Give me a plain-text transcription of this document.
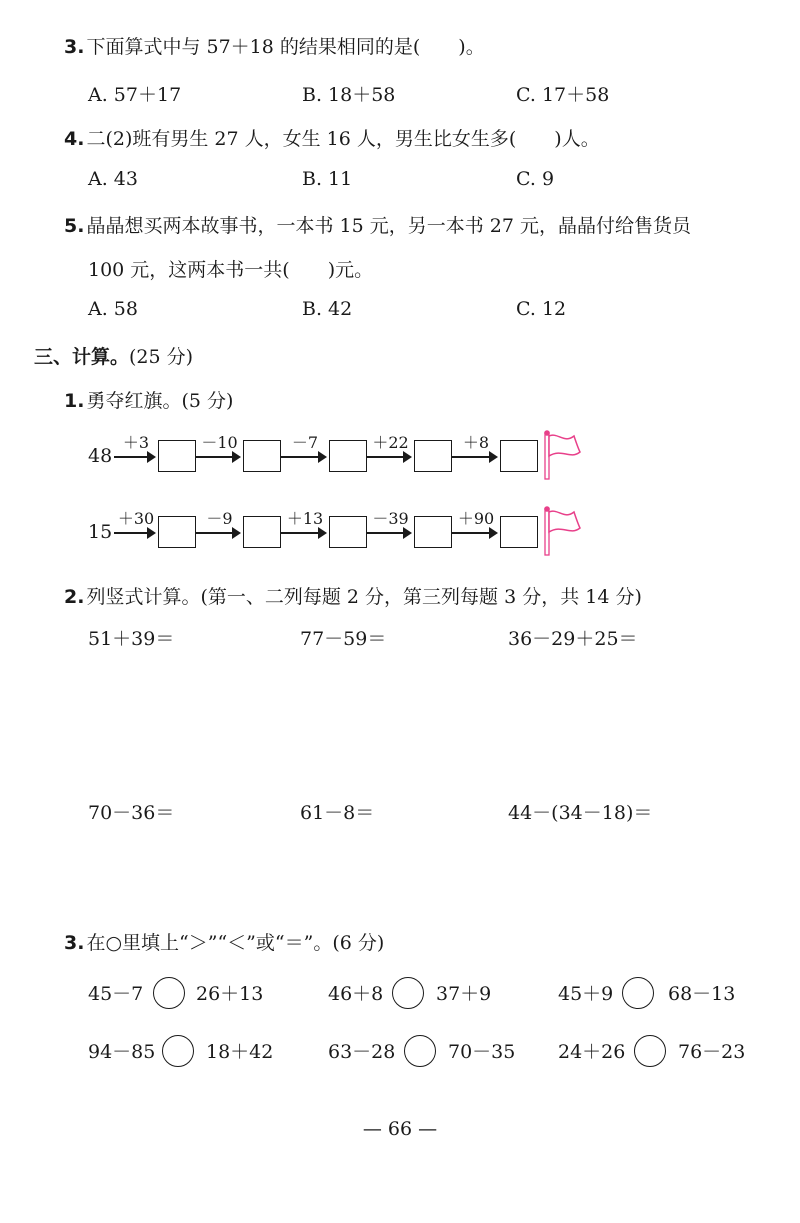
3. 下面算式中与 57＋18 的结果相同的是(　　)。
A. 57＋17	B. 18＋58	C. 17＋58
4. 二(2)班有男生 27 人，女生 16 人，男生比女生多(　　)人。
A. 43	B. 11	C. 9
5. 晶晶想买两本故事书，一本书 15 元，另一本书 27 元，晶晶付给售货员
100 元，这两本书一共(　　)元。
A. 58	B. 42	C. 12
三、计算。(25 分)
1. 勇夺红旗。(5 分)
48
＋3	－10	－7	＋22	＋8
15
＋30	－9	＋13	－39	＋90
2. 列竖式计算。(第一、二列每题 2 分，第三列每题 3 分，共 14 分)
51＋39＝	77－59＝	36－29＋25＝
70－36＝	61－8＝	44－(34－18)＝
3. 在○里填上“＞”“＜”或“＝”。(6 分)
45－7	26＋13	46＋8	37＋9	45＋9	68－13
94－85	18＋42	63－28	70－35 24＋26	76－23
— 66 —
